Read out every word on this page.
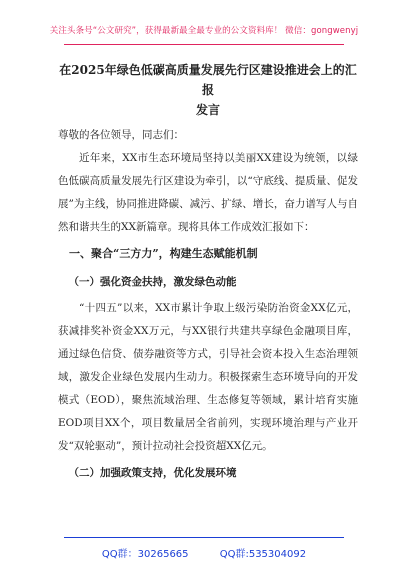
关注头条号“公文研究”，获得最新最全最专业的公文资料库！ 微信：gongwenyj
在2025年绿色低碳高质量发展先行区建设推进会上的汇报
发言

尊敬的各位领导，同志们：

近年来，XX市生态环境局坚持以美丽XX建设为统领，以绿色低碳高质量发展先行区建设为牵引，以“守底线、提质量、促发展”为主线，协同推进降碳、减污、扩绿、增长，奋力谱写人与自然和谐共生的XX新篇章。现将具体工作成效汇报如下：

一、聚合“三方力”，构建生态赋能机制

（一）强化资金扶持，激发绿色动能

“十四五”以来，XX市累计争取上级污染防治资金XX亿元，获减排奖补资金XX万元，与XX银行共建共享绿色金融项目库，通过绿色信贷、债券融资等方式，引导社会资本投入生态治理领域，激发企业绿色发展内生动力。积极探索生态环境导向的开发模式（EOD），聚焦流域治理、生态修复等领域，累计培育实施EOD项目XX个，项目数量居全省前列，实现环境治理与产业开发“双轮驱动”，预计拉动社会投资超XX亿元。

（二）加强政策支持，优化发展环境

QQ群：30265665	QQ群:535304092
